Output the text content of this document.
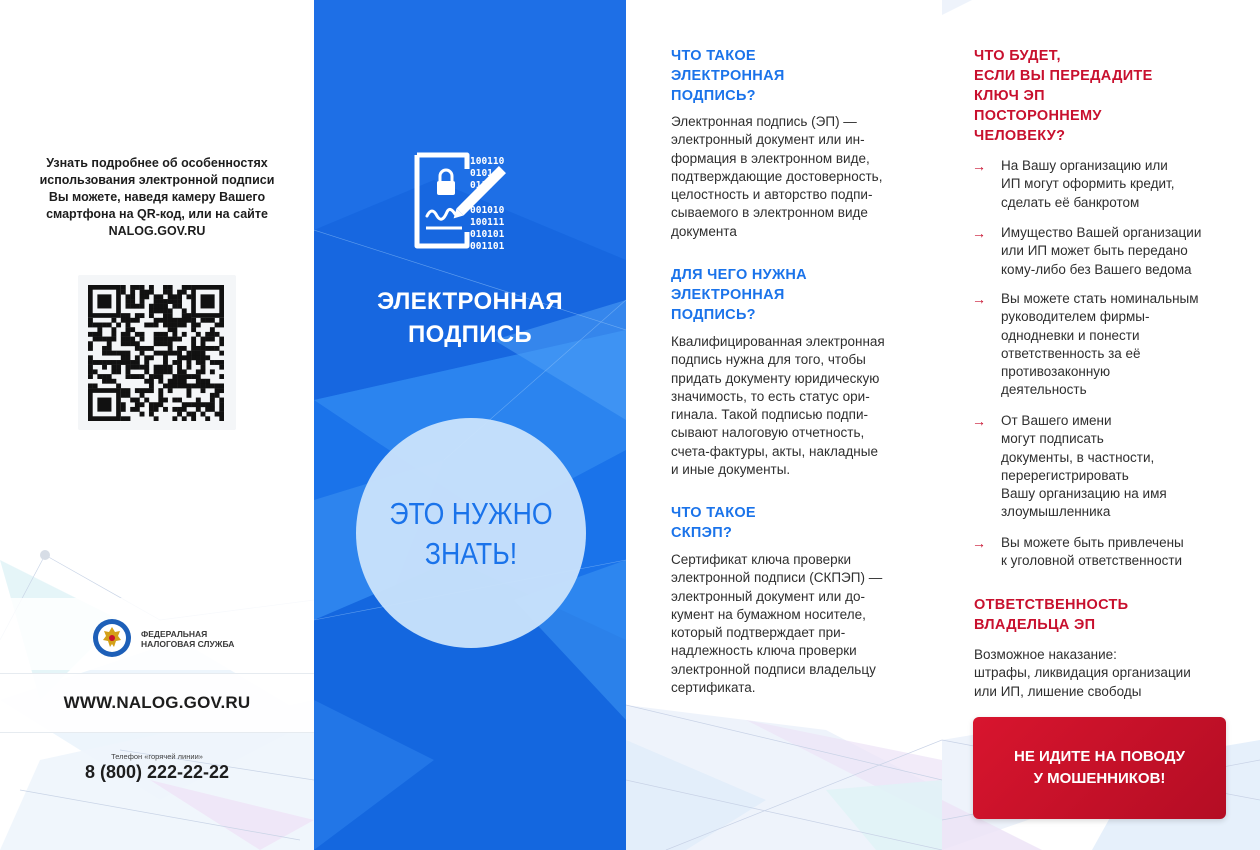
Узнать подробнее об особенностях
использования электронной подписи
Вы можете, наведя камеру Вашего
смартфона на QR-код, или на сайте
NALOG.GOV.RU
ФЕДЕРАЛЬНАЯ
НАЛОГОВАЯ СЛУЖБА
WWW.NALOG.GOV.RU
Телефон «горячей линии»
8 (800) 222-22-22
100110
0101
0110
001010
100111
010101
001101
ЭЛЕКТРОННАЯ
ПОДПИСЬ
ЭТО НУЖНО
ЗНАТЬ!
ЧТО ТАКОЕ
ЭЛЕКТРОННАЯ
ПОДПИСЬ?
Электронная подпись (ЭП) —
электронный документ или ин-
формация в электронном виде,
подтверждающие достоверность,
целостность и авторство подпи-
сываемого в электронном виде
документа
ДЛЯ ЧЕГО НУЖНА
ЭЛЕКТРОННАЯ
ПОДПИСЬ?
Квалифицированная электронная
подпись нужна для того, чтобы
придать документу юридическую
значимость, то есть статус ори-
гинала. Такой подписью подпи-
сывают налоговую отчетность,
счета-фактуры, акты, накладные
и иные документы.
ЧТО ТАКОЕ
СКПЭП?
Сертификат ключа проверки
электронной подписи (СКПЭП) —
электронный документ или до-
кумент на бумажном носителе,
который подтверждает при-
надлежность ключа проверки
электронной подписи владельцу
сертификата.
ЧТО БУДЕТ,
ЕСЛИ ВЫ ПЕРЕДАДИТЕ
КЛЮЧ ЭП
ПОСТОРОННЕМУ
ЧЕЛОВЕКУ?
→ На Вашу организацию или
ИП могут оформить кредит,
сделать её банкротом
→ Имущество Вашей организации
или ИП может быть передано
кому-либо без Вашего ведома
→ Вы можете стать номинальным
руководителем фирмы-
однодневки и понести
ответственность за её
противозаконную
деятельность
→ От Вашего имени
могут подписать
документы, в частности,
перерегистрировать
Вашу организацию на имя
злоумышленника
→ Вы можете быть привлечены
к уголовной ответственности
ОТВЕТСТВЕННОСТЬ
ВЛАДЕЛЬЦА ЭП
Возможное наказание:
штрафы, ликвидация организации
или ИП, лишение свободы
НЕ ИДИТЕ НА ПОВОДУ
У МОШЕННИКОВ!
